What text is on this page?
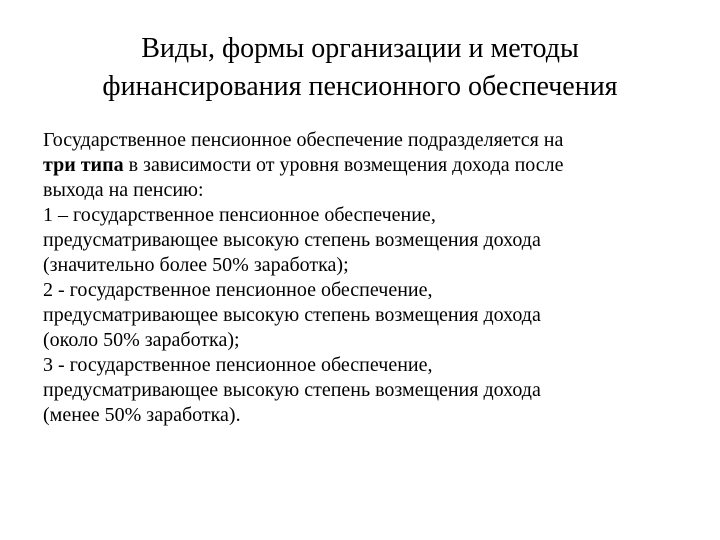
Виды, формы организации и методы
финансирования пенсионного обеспечения
Государственное пенсионное обеспечение подразделяется на
три типа в зависимости от уровня возмещения дохода после
выхода на пенсию:
1 – государственное пенсионное обеспечение,
предусматривающее высокую степень возмещения дохода
(значительно более 50% заработка);
2 - государственное пенсионное обеспечение,
предусматривающее высокую степень возмещения дохода
(около 50% заработка);
3 - государственное пенсионное обеспечение,
предусматривающее высокую степень возмещения дохода
(менее 50% заработка).
